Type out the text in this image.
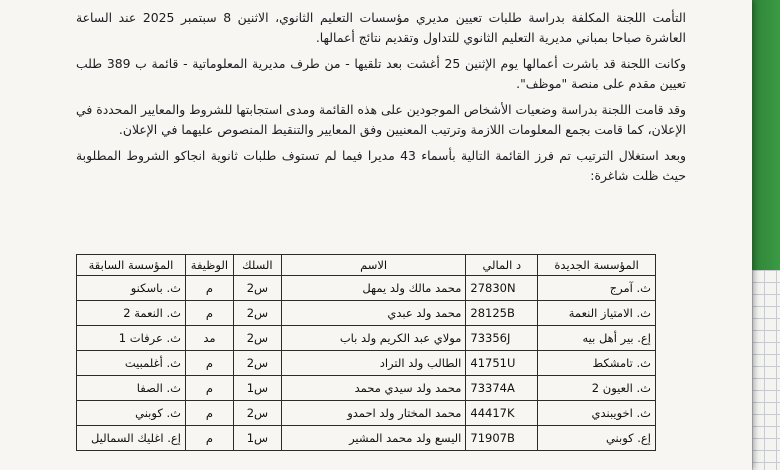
التأمت اللجنة المكلفة بدراسة طلبات تعيين مديري مؤسسات التعليم الثانوي، الاثنين 8 سبتمبر 2025 عند الساعة العاشرة صباحا بمباني مديرية التعليم الثانوي للتداول وتقديم نتائج أعمالها.

وكانت اللجنة قد باشرت أعمالها يوم الإثنين 25 أغشت بعد تلقيها - من طرف مديرية المعلوماتية - قائمة ب 389 طلب تعيين مقدم على منصة "موظف".

وقد قامت اللجنة بدراسة وضعيات الأشخاص الموجودين على هذه القائمة ومدى استجابتها للشروط والمعايير المحددة في الإعلان، كما قامت بجمع المعلومات اللازمة وترتيب المعنيين وفق المعايير والتنقيط المنصوص عليهما في الإعلان.

وبعد استغلال الترتيب تم فرز القائمة التالية بأسماء 43 مديرا فيما لم تستوف طلبات ثانوية انجاكو الشروط المطلوبة حيث ظلت شاغرة:

المؤسسة الجديدة	د المالي	الاسم	السلك	الوظيفة	المؤسسة السابقة
ث. آمرج	27830N	محمد مالك ولد يمهل	س2	م	ث. باسكنو
ث. الامتياز النعمة	28125B	محمد ولد عبدي	س2	م	ث. النعمة 2
إع. بير أهل بيه	73356J	مولاي عبد الكريم ولد باب	س2	مد	ث. عرفات 1
ث. تامشكط	41751U	الطالب ولد التراد	س2	م	ث. أغلمبيت
ث. العيون 2	73374A	محمد ولد سيدي محمد	س1	م	ث. الصفا
ث. اخويبندي	44417K	محمد المختار ولد احمدو	س2	م	ث. كوبني
إع. كوبني	71907B	اليسع ولد محمد المشير	س1	م	إع. اغليك السماليل
